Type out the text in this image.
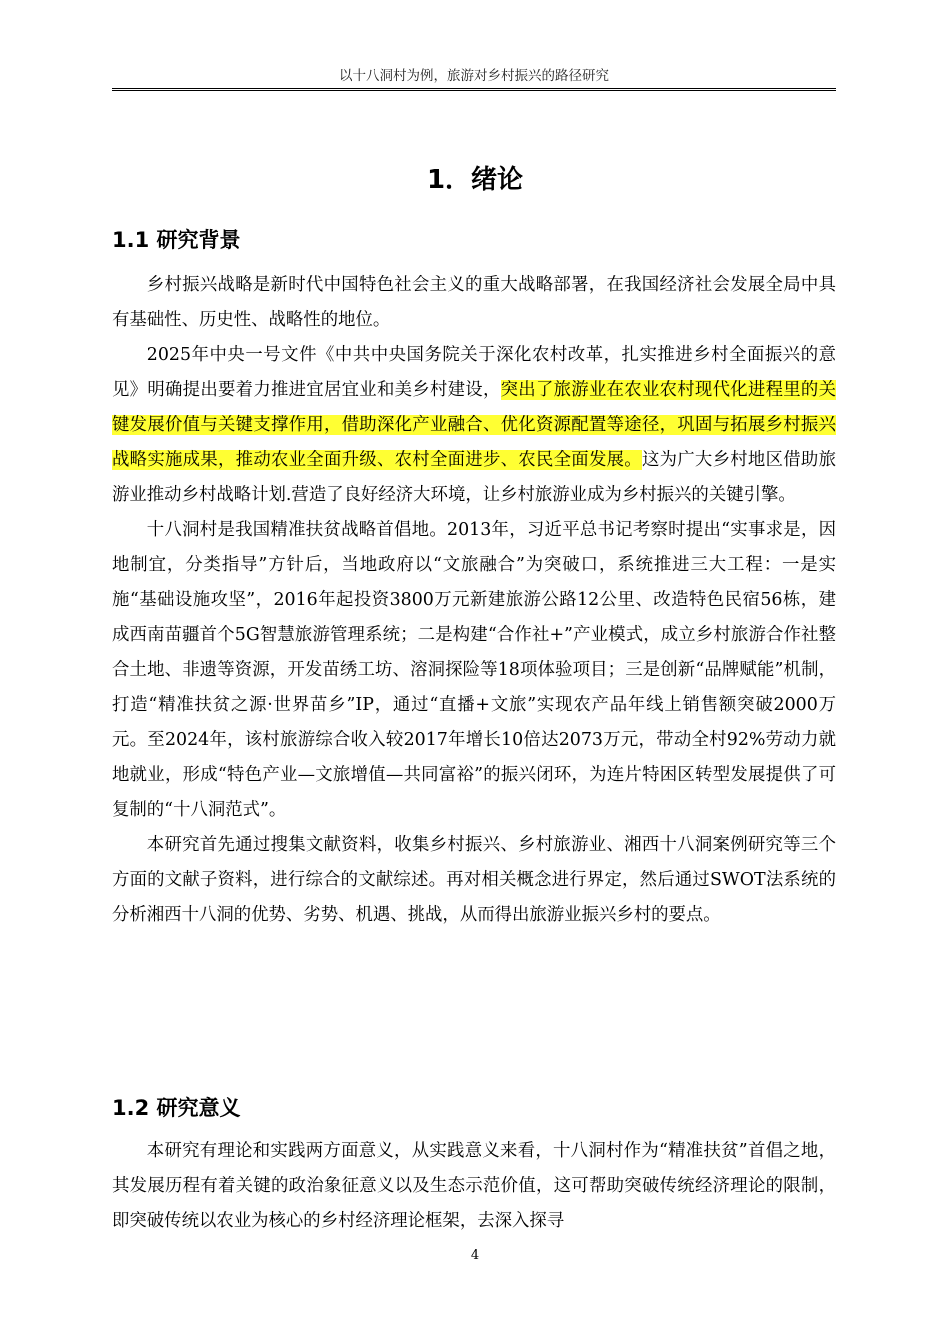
以十八洞村为例，旅游对乡村振兴的路径研究
1．绪论
1.1 研究背景

乡村振兴战略是新时代中国特色社会主义的重大战略部署，在我国经济社会发展全局中具有基础性、历史性、战略性的地位。

2025年中央一号文件《中共中央国务院关于深化农村改革，扎实推进乡村全面振兴的意见》明确提出要着力推进宜居宜业和美乡村建设，突出了旅游业在农业农村现代化进程里的关键发展价值与关键支撑作用，借助深化产业融合、优化资源配置等途径，巩固与拓展乡村振兴战略实施成果，推动农业全面升级、农村全面进步、农民全面发展。这为广大乡村地区借助旅游业推动乡村战略计划.营造了良好经济大环境，让乡村旅游业成为乡村振兴的关键引擎。

十八洞村是我国精准扶贫战略首倡地。2013年，习近平总书记考察时提出“实事求是，因地制宜，分类指导”方针后，当地政府以“文旅融合”为突破口，系统推进三大工程：一是实施“基础设施攻坚”，2016年起投资3800万元新建旅游公路12公里、改造特色民宿56栋，建成西南苗疆首个5G智慧旅游管理系统；二是构建“合作社+”产业模式，成立乡村旅游合作社整合土地、非遗等资源，开发苗绣工坊、溶洞探险等18项体验项目；三是创新“品牌赋能”机制，打造“精准扶贫之源·世界苗乡”IP，通过“直播+文旅”实现农产品年线上销售额突破2000万元。至2024年，该村旅游综合收入较2017年增长10倍达2073万元，带动全村92%劳动力就地就业，形成“特色产业—文旅增值—共同富裕”的振兴闭环，为连片特困区转型发展提供了可复制的“十八洞范式”。

本研究首先通过搜集文献资料，收集乡村振兴、乡村旅游业、湘西十八洞案例研究等三个方面的文献子资料，进行综合的文献综述。再对相关概念进行界定，然后通过SWOT法系统的分析湘西十八洞的优势、劣势、机遇、挑战，从而得出旅游业振兴乡村的要点。

1.2 研究意义

本研究有理论和实践两方面意义，从实践意义来看，十八洞村作为“精准扶贫”首倡之地，其发展历程有着关键的政治象征意义以及生态示范价值，这可帮助突破传统经济理论的限制，即突破传统以农业为核心的乡村经济理论框架，去深入探寻

4
